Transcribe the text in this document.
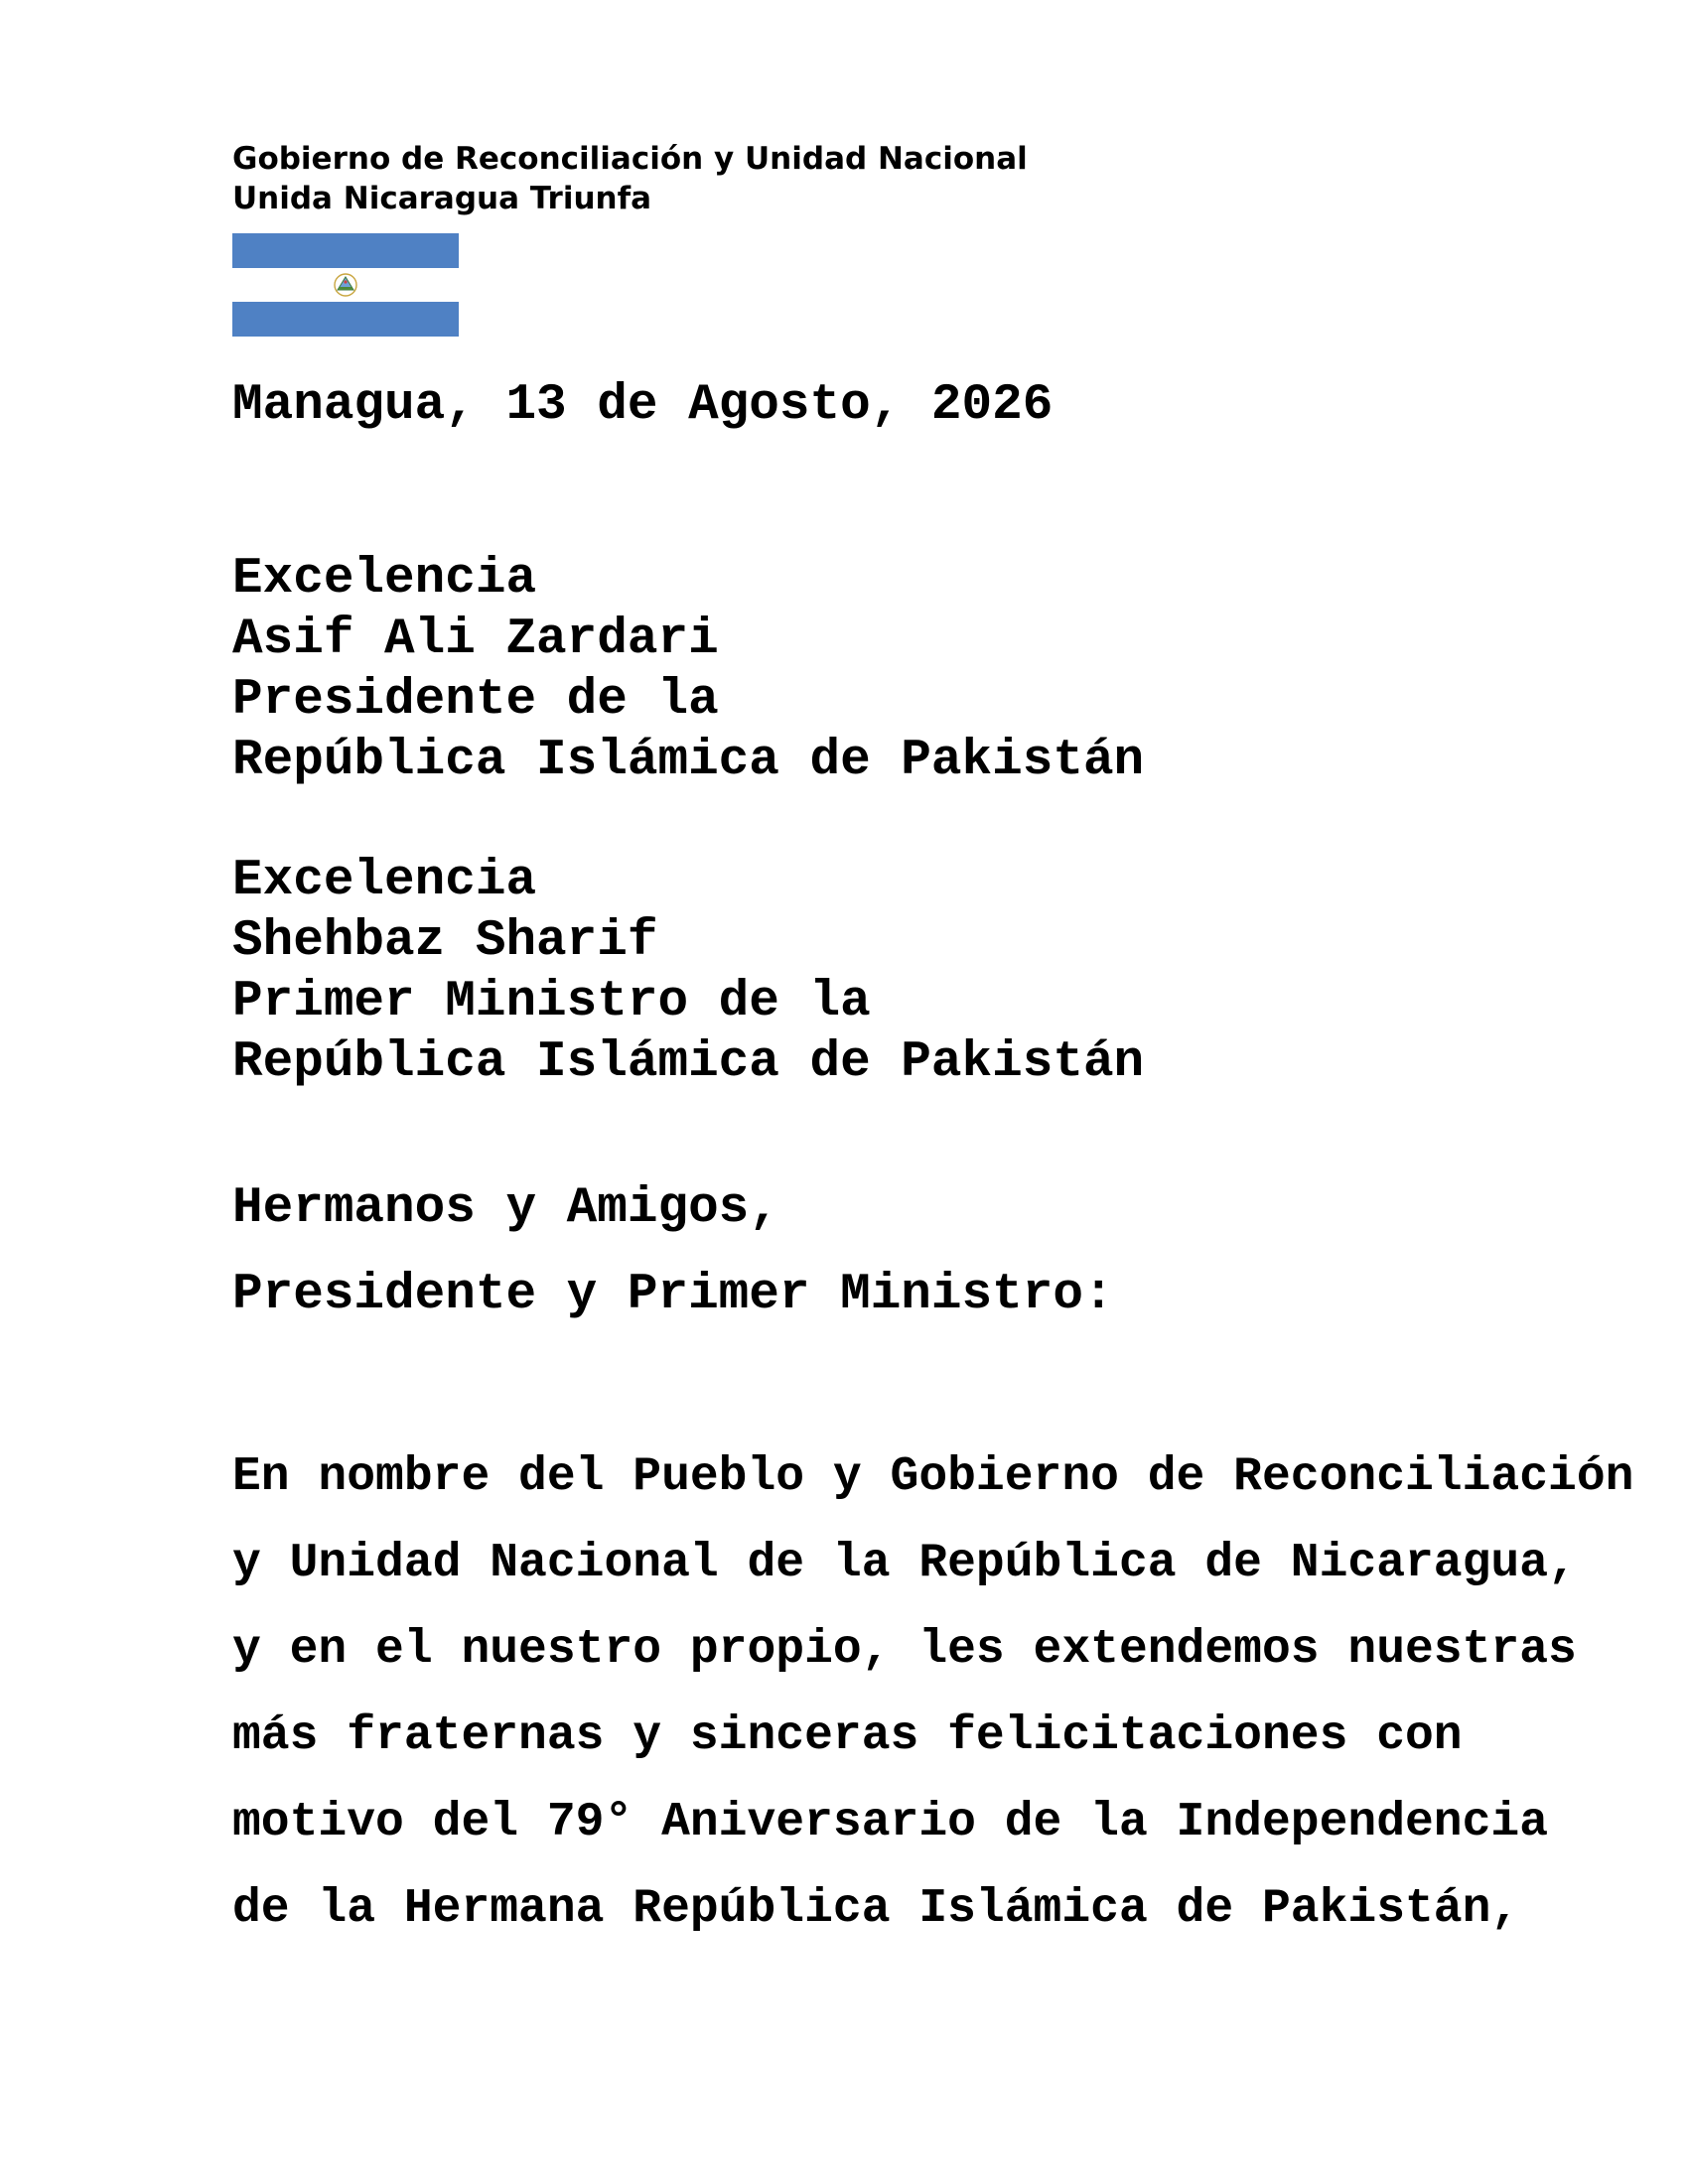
Gobierno de Reconciliación y Unidad Nacional
Unida Nicaragua Triunfa
Managua, 13 de Agosto, 2026
Excelencia
Asif Ali Zardari
Presidente de la
República Islámica de Pakistán
Excelencia
Shehbaz Sharif
Primer Ministro de la
República Islámica de Pakistán
Hermanos y Amigos,
Presidente y Primer Ministro:
En nombre del Pueblo y Gobierno de Reconciliación
y Unidad Nacional de la República de Nicaragua,
y en el nuestro propio, les extendemos nuestras
más fraternas y sinceras felicitaciones con
motivo del 79° Aniversario de la Independencia
de la Hermana República Islámica de Pakistán,
